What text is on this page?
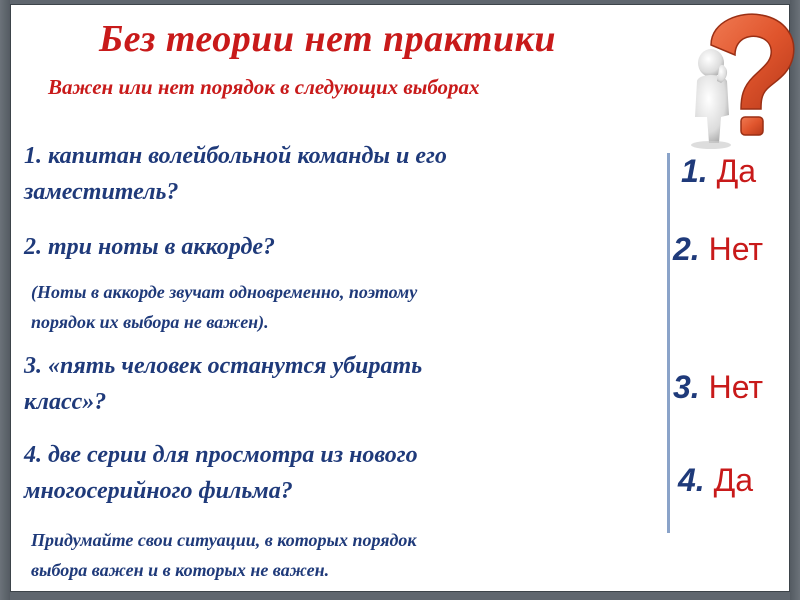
Без теории нет практики
Важен или нет порядок в следующих выборах
1. капитан волейбольной команды и его
заместитель?
2. три ноты в аккорде?
(Ноты в аккорде звучат одновременно, поэтому
порядок их выбора не важен).
3. «пять человек останутся убирать
класс»?
4. две серии для просмотра из нового
многосерийного фильма?
Придумайте свои ситуации, в которых порядок
выбора важен и в которых не важен.
1. Да
2. Нет
3. Нет
4. Да
